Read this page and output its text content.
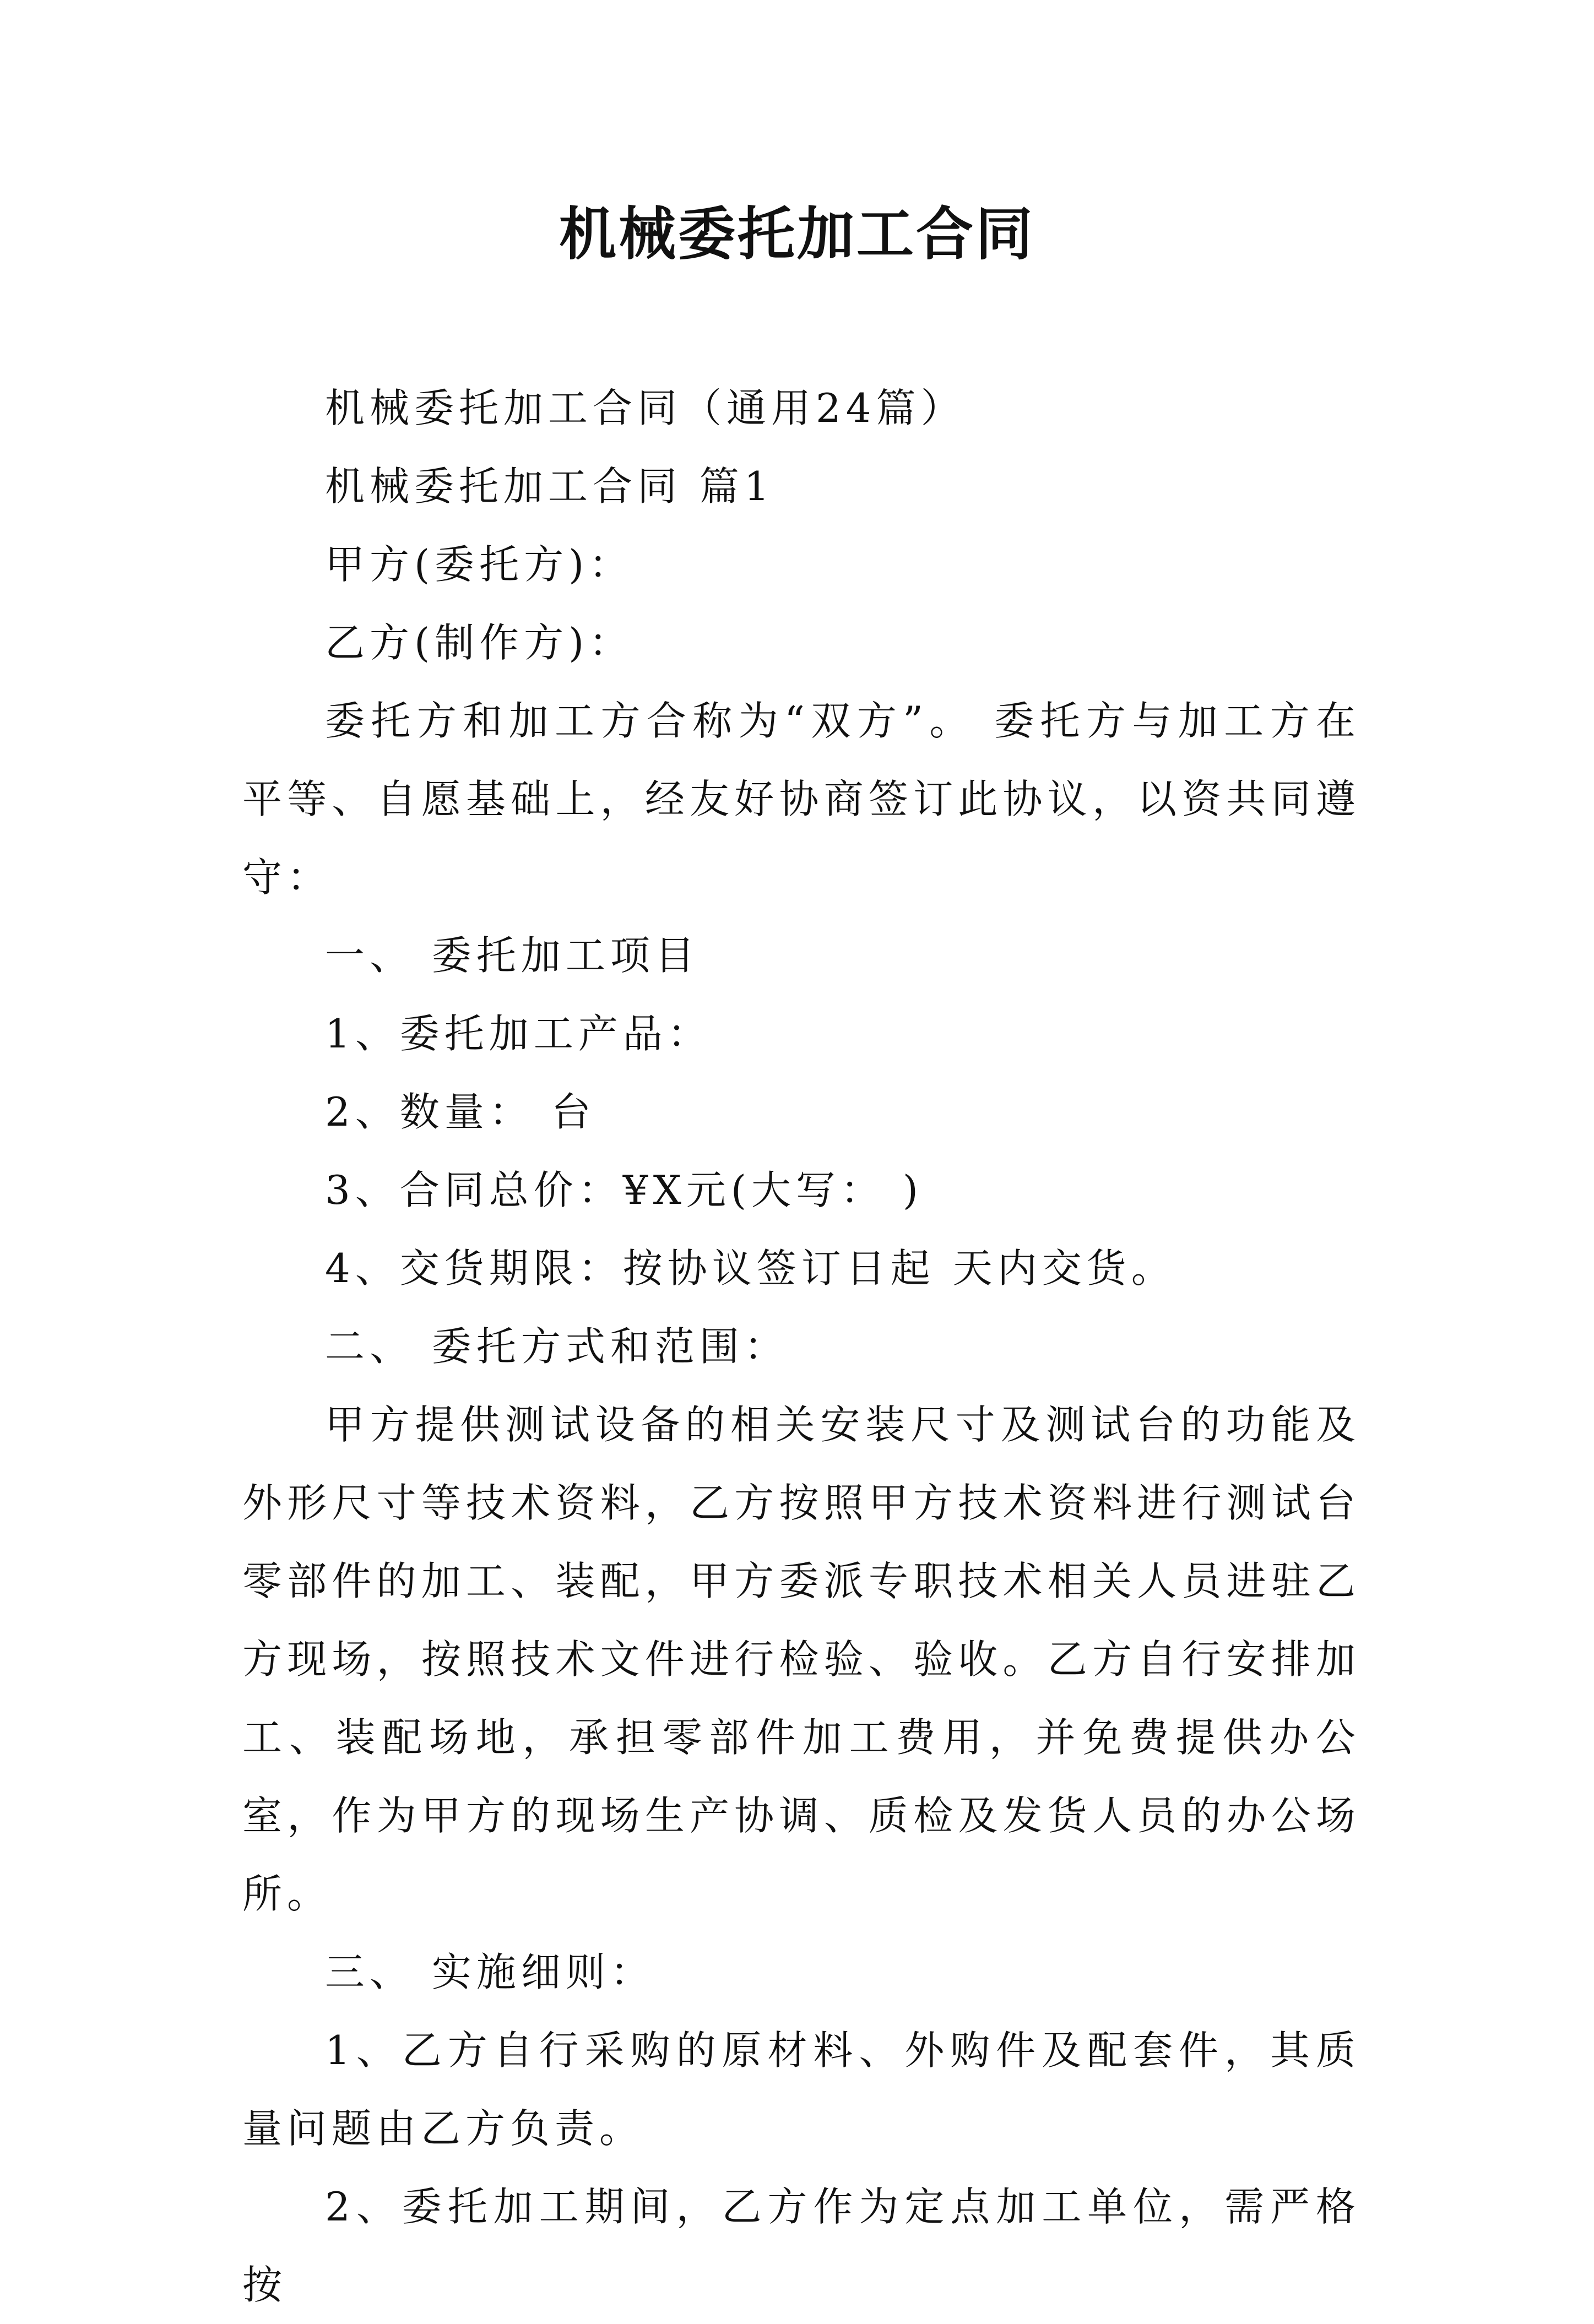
机械委托加工合同

机械委托加工合同（通用24篇）

机械委托加工合同 篇1

甲方(委托方)：

乙方(制作方)：

委托方和加工方合称为“双方”。 委托方与加工方在平等、自愿基础上，经友好协商签订此协议，以资共同遵守：

一、 委托加工项目

1、委托加工产品：

2、数量： 台

3、合同总价：¥X元(大写： )

4、交货期限：按协议签订日起 天内交货。

二、 委托方式和范围：

甲方提供测试设备的相关安装尺寸及测试台的功能及外形尺寸等技术资料，乙方按照甲方技术资料进行测试台零部件的加工、装配，甲方委派专职技术相关人员进驻乙方现场，按照技术文件进行检验、验收。乙方自行安排加工、装配场地，承担零部件加工费用，并免费提供办公室，作为甲方的现场生产协调、质检及发货人员的办公场所。

三、 实施细则：

1、乙方自行采购的原材料、外购件及配套件，其质量问题由乙方负责。

2、委托加工期间，乙方作为定点加工单位，需严格按
